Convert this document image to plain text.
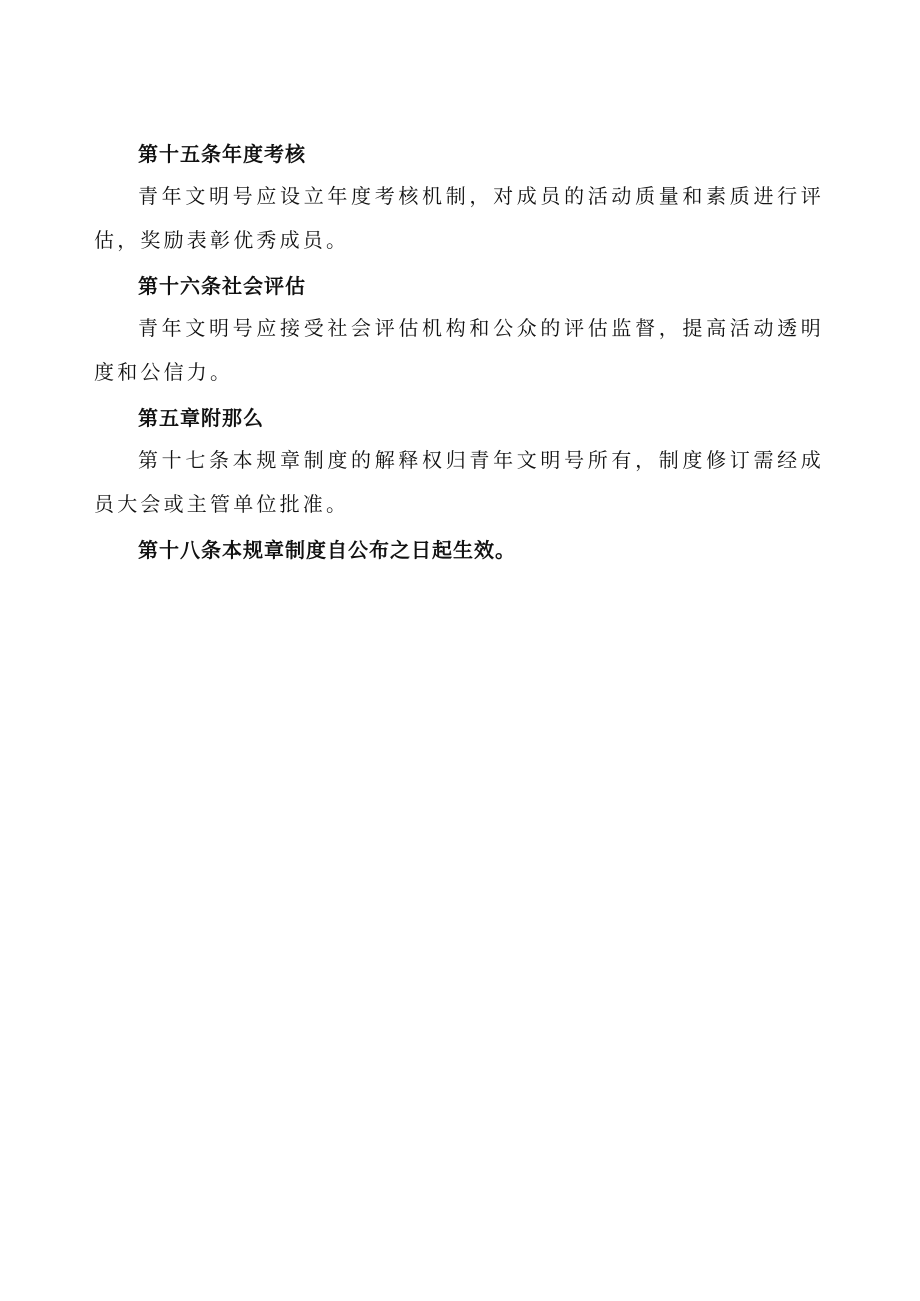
第十五条年度考核

青年文明号应设立年度考核机制，对成员的活动质量和素质进行评估，奖励表彰优秀成员。

第十六条社会评估

青年文明号应接受社会评估机构和公众的评估监督，提高活动透明度和公信力。

第五章附那么

第十七条本规章制度的解释权归青年文明号所有，制度修订需经成员大会或主管单位批准。

第十八条本规章制度自公布之日起生效。
